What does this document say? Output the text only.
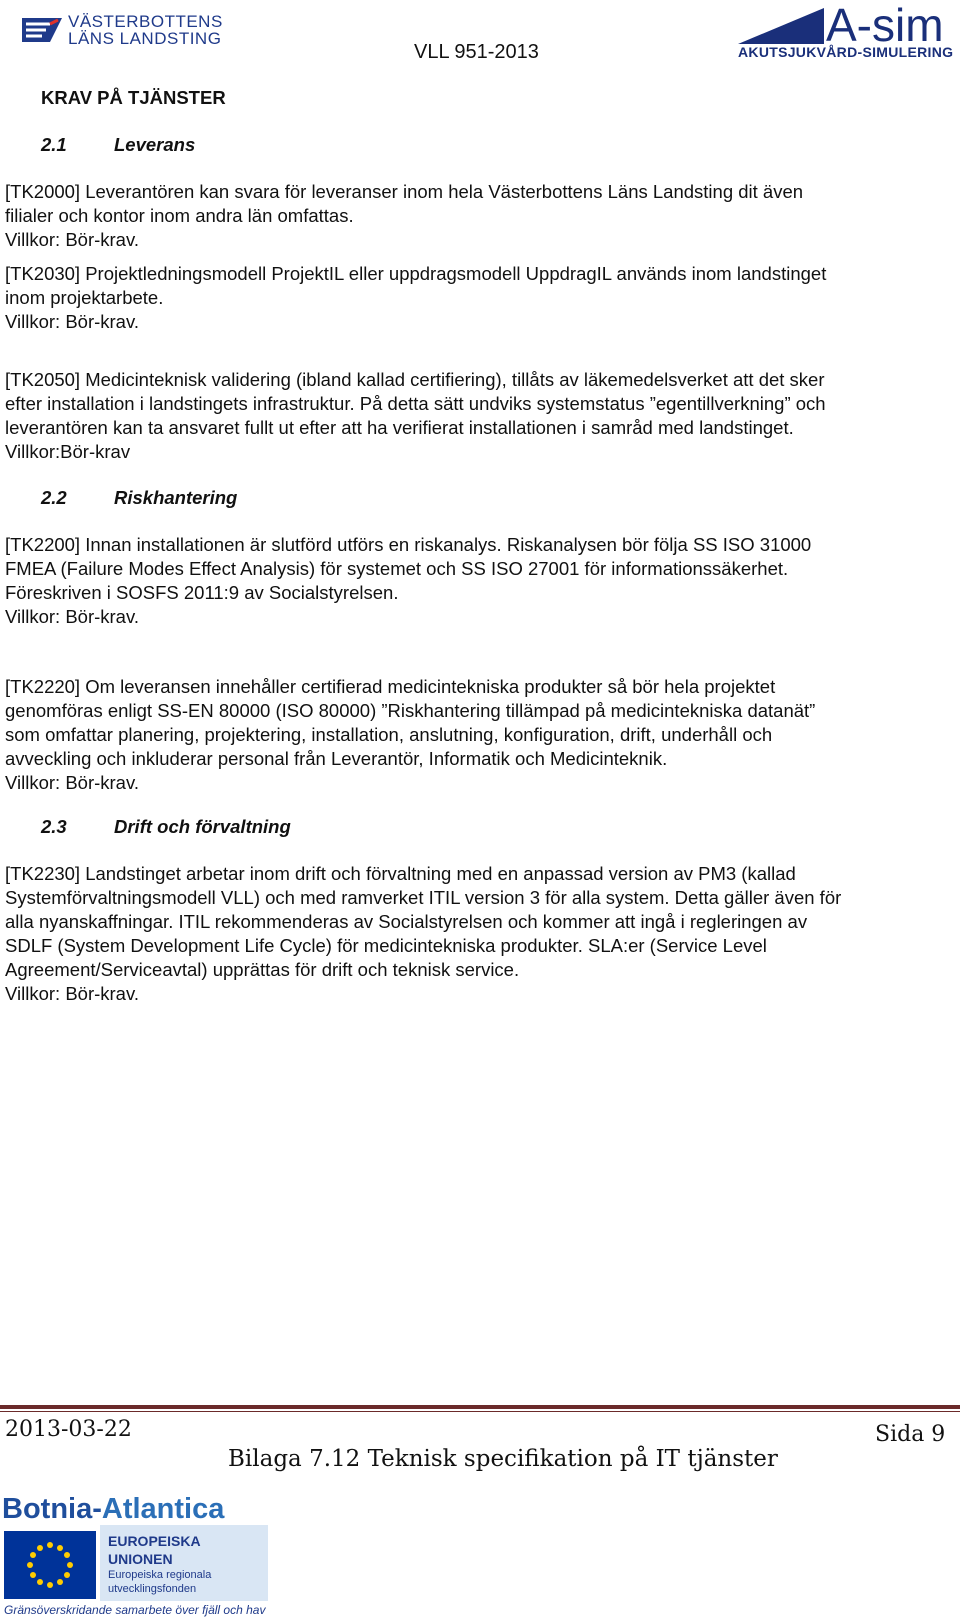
VÄSTERBOTTENS
LÄNS LANDSTING
VLL 951-2013
A-sim
AKUTSJUKVÅRD-SIMULERING
KRAV PÅ TJÄNSTER
2.1	Leverans
[TK2000] Leverantören kan svara för leveranser inom hela Västerbottens Läns Landsting dit även
filialer och kontor inom andra län omfattas.
Villkor: Bör-krav.
[TK2030] Projektledningsmodell ProjektIL eller uppdragsmodell UppdragIL används inom landstinget
inom projektarbete.
Villkor: Bör-krav.
[TK2050] Medicinteknisk validering (ibland kallad certifiering), tillåts av läkemedelsverket att det sker
efter installation i landstingets infrastruktur. På detta sätt undviks systemstatus ”egentillverkning” och
leverantören kan ta ansvaret fullt ut efter att ha verifierat installationen i samråd med landstinget.
Villkor:Bör-krav
2.2	Riskhantering
[TK2200] Innan installationen är slutförd utförs en riskanalys. Riskanalysen bör följa SS ISO 31000
FMEA (Failure Modes Effect Analysis) för systemet och SS ISO 27001 för informationssäkerhet.
Föreskriven i SOSFS 2011:9 av Socialstyrelsen.
Villkor: Bör-krav.
[TK2220] Om leveransen innehåller certifierad medicintekniska produkter så bör hela projektet
genomföras enligt SS-EN 80000 (ISO 80000) ”Riskhantering tillämpad på medicintekniska datanät”
som omfattar planering, projektering, installation, anslutning, konfiguration, drift, underhåll och
avveckling och inkluderar personal från Leverantör, Informatik och Medicinteknik.
Villkor: Bör-krav.
2.3	Drift och förvaltning
[TK2230] Landstinget arbetar inom drift och förvaltning med en anpassad version av PM3 (kallad
Systemförvaltningsmodell VLL) och med ramverket ITIL version 3 för alla system. Detta gäller även för
alla nyanskaffningar. ITIL rekommenderas av Socialstyrelsen och kommer att ingå i regleringen av
SDLF (System Development Life Cycle) för medicintekniska produkter. SLA:er (Service Level
Agreement/Serviceavtal) upprättas för drift och teknisk service.
Villkor: Bör-krav.
2013-03-22	Sida 9
Bilaga 7.12 Teknisk specifikation på IT tjänster
Botnia-Atlantica
EUROPEISKA
UNIONEN
Europeiska regionala
utvecklingsfonden
Gränsöverskridande samarbete över fjäll och hav
